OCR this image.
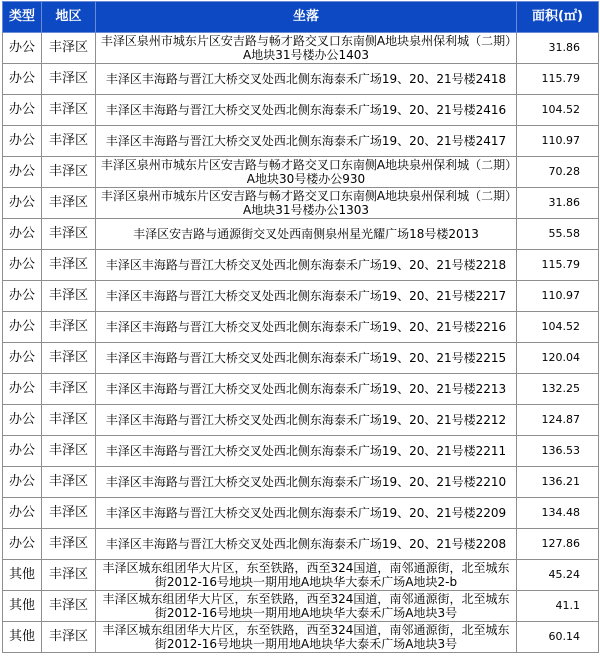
类型	地区	坐落	面积(㎡)
办公	丰泽区	丰泽区泉州市城东片区安吉路与畅才路交叉口东南侧A地块泉州保利城（二期）A地块31号楼办公1403	31.86
办公	丰泽区	丰泽区丰海路与晋江大桥交叉处西北侧东海泰禾广场19、20、21号楼2418	115.79
办公	丰泽区	丰泽区丰海路与晋江大桥交叉处西北侧东海泰禾广场19、20、21号楼2416	104.52
办公	丰泽区	丰泽区丰海路与晋江大桥交叉处西北侧东海泰禾广场19、20、21号楼2417	110.97
办公	丰泽区	丰泽区泉州市城东片区安吉路与畅才路交叉口东南侧A地块泉州保利城（二期）A地块30号楼办公930	70.28
办公	丰泽区	丰泽区泉州市城东片区安吉路与畅才路交叉口东南侧A地块泉州保利城（二期）A地块31号楼办公1303	31.86
办公	丰泽区	丰泽区安吉路与通源街交叉处西南侧泉州星光耀广场18号楼2013	55.58
办公	丰泽区	丰泽区丰海路与晋江大桥交叉处西北侧东海泰禾广场19、20、21号楼2218	115.79
办公	丰泽区	丰泽区丰海路与晋江大桥交叉处西北侧东海泰禾广场19、20、21号楼2217	110.97
办公	丰泽区	丰泽区丰海路与晋江大桥交叉处西北侧东海泰禾广场19、20、21号楼2216	104.52
办公	丰泽区	丰泽区丰海路与晋江大桥交叉处西北侧东海泰禾广场19、20、21号楼2215	120.04
办公	丰泽区	丰泽区丰海路与晋江大桥交叉处西北侧东海泰禾广场19、20、21号楼2213	132.25
办公	丰泽区	丰泽区丰海路与晋江大桥交叉处西北侧东海泰禾广场19、20、21号楼2212	124.87
办公	丰泽区	丰泽区丰海路与晋江大桥交叉处西北侧东海泰禾广场19、20、21号楼2211	136.53
办公	丰泽区	丰泽区丰海路与晋江大桥交叉处西北侧东海泰禾广场19、20、21号楼2210	136.21
办公	丰泽区	丰泽区丰海路与晋江大桥交叉处西北侧东海泰禾广场19、20、21号楼2209	134.48
办公	丰泽区	丰泽区丰海路与晋江大桥交叉处西北侧东海泰禾广场19、20、21号楼2208	127.86
其他	丰泽区	丰泽区城东组团华大片区，东至铁路，西至324国道，南邻通源街，北至城东街2012-16号地块一期用地A地块华大泰禾广场A地块2-b	45.24
其他	丰泽区	丰泽区城东组团华大片区，东至铁路，西至324国道，南邻通源街，北至城东街2012-16号地块一期用地A地块华大泰禾广场A地块3号	41.1
其他	丰泽区	丰泽区城东组团华大片区，东至铁路，西至324国道，南邻通源街，北至城东街2012-16号地块一期用地A地块华大泰禾广场A地块3号	60.14
